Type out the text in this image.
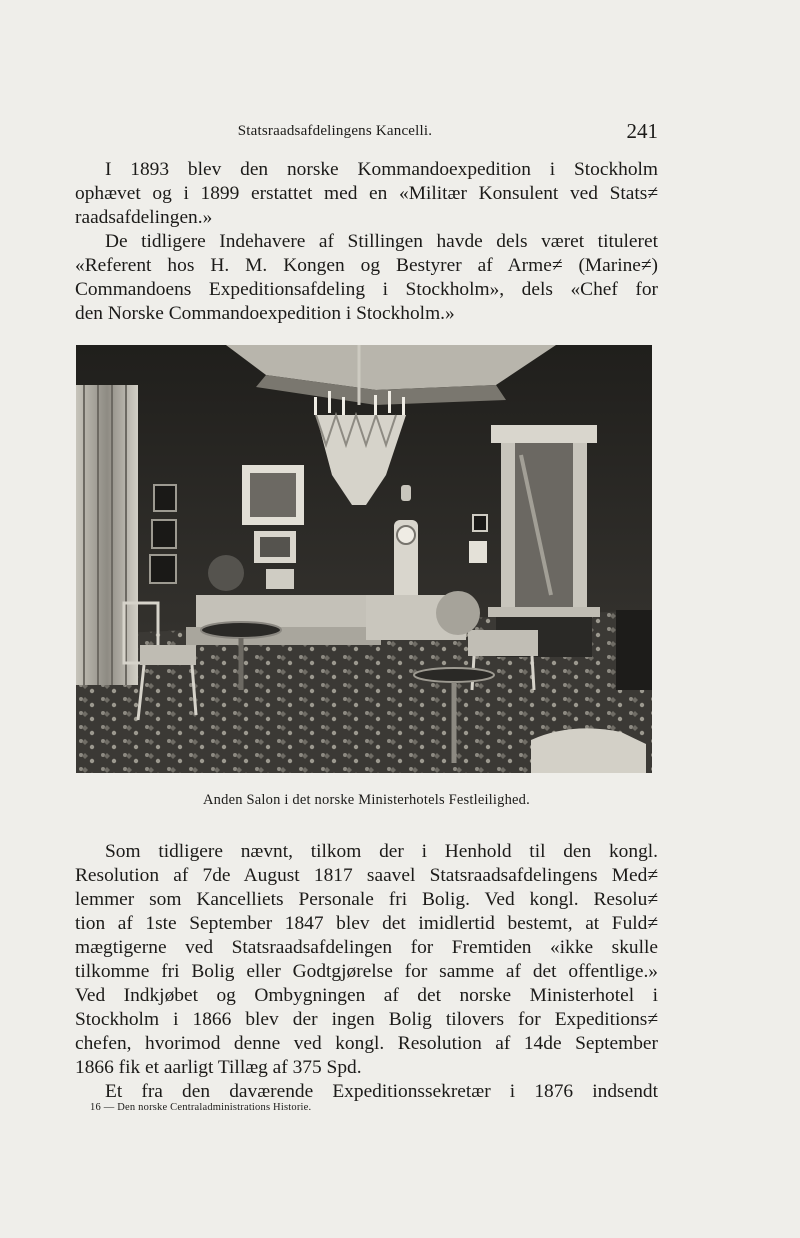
Statsraadsafdelingens Kancelli.	241

I 1893 blev den norske Kommandoexpedition i Stockholm
ophævet og i 1899 erstattet med en «Militær Konsulent ved Stats≠
raadsafdelingen.»

De tidligere Indehavere af Stillingen havde dels været tituleret
«Referent hos H. M. Kongen og Bestyrer af Arme≠ (Marine≠)
Commandoens Expeditionsafdeling i Stockholm», dels «Chef for
den Norske Commandoexpedition i Stockholm.»

Anden Salon i det norske Ministerhotels Festleilighed.

Som tidligere nævnt, tilkom der i Henhold til den kongl.
Resolution af 7de August 1817 saavel Statsraadsafdelingens Med≠
lemmer som Kancelliets Personale fri Bolig. Ved kongl. Resolu≠
tion af 1ste September 1847 blev det imidlertid bestemt, at Fuld≠
mægtigerne ved Statsraadsafdelingen for Fremtiden «ikke skulle
tilkomme fri Bolig eller Godtgjørelse for samme af det offentlige.»
Ved Indkjøbet og Ombygningen af det norske Ministerhotel i
Stockholm i 1866 blev der ingen Bolig tilovers for Expeditions≠
chefen, hvorimod denne ved kongl. Resolution af 14de September
1866 fik et aarligt Tillæg af 375 Spd.

Et fra den daværende Expeditionssekretær i 1876 indsendt

16 — Den norske Centraladministrations Historie.
